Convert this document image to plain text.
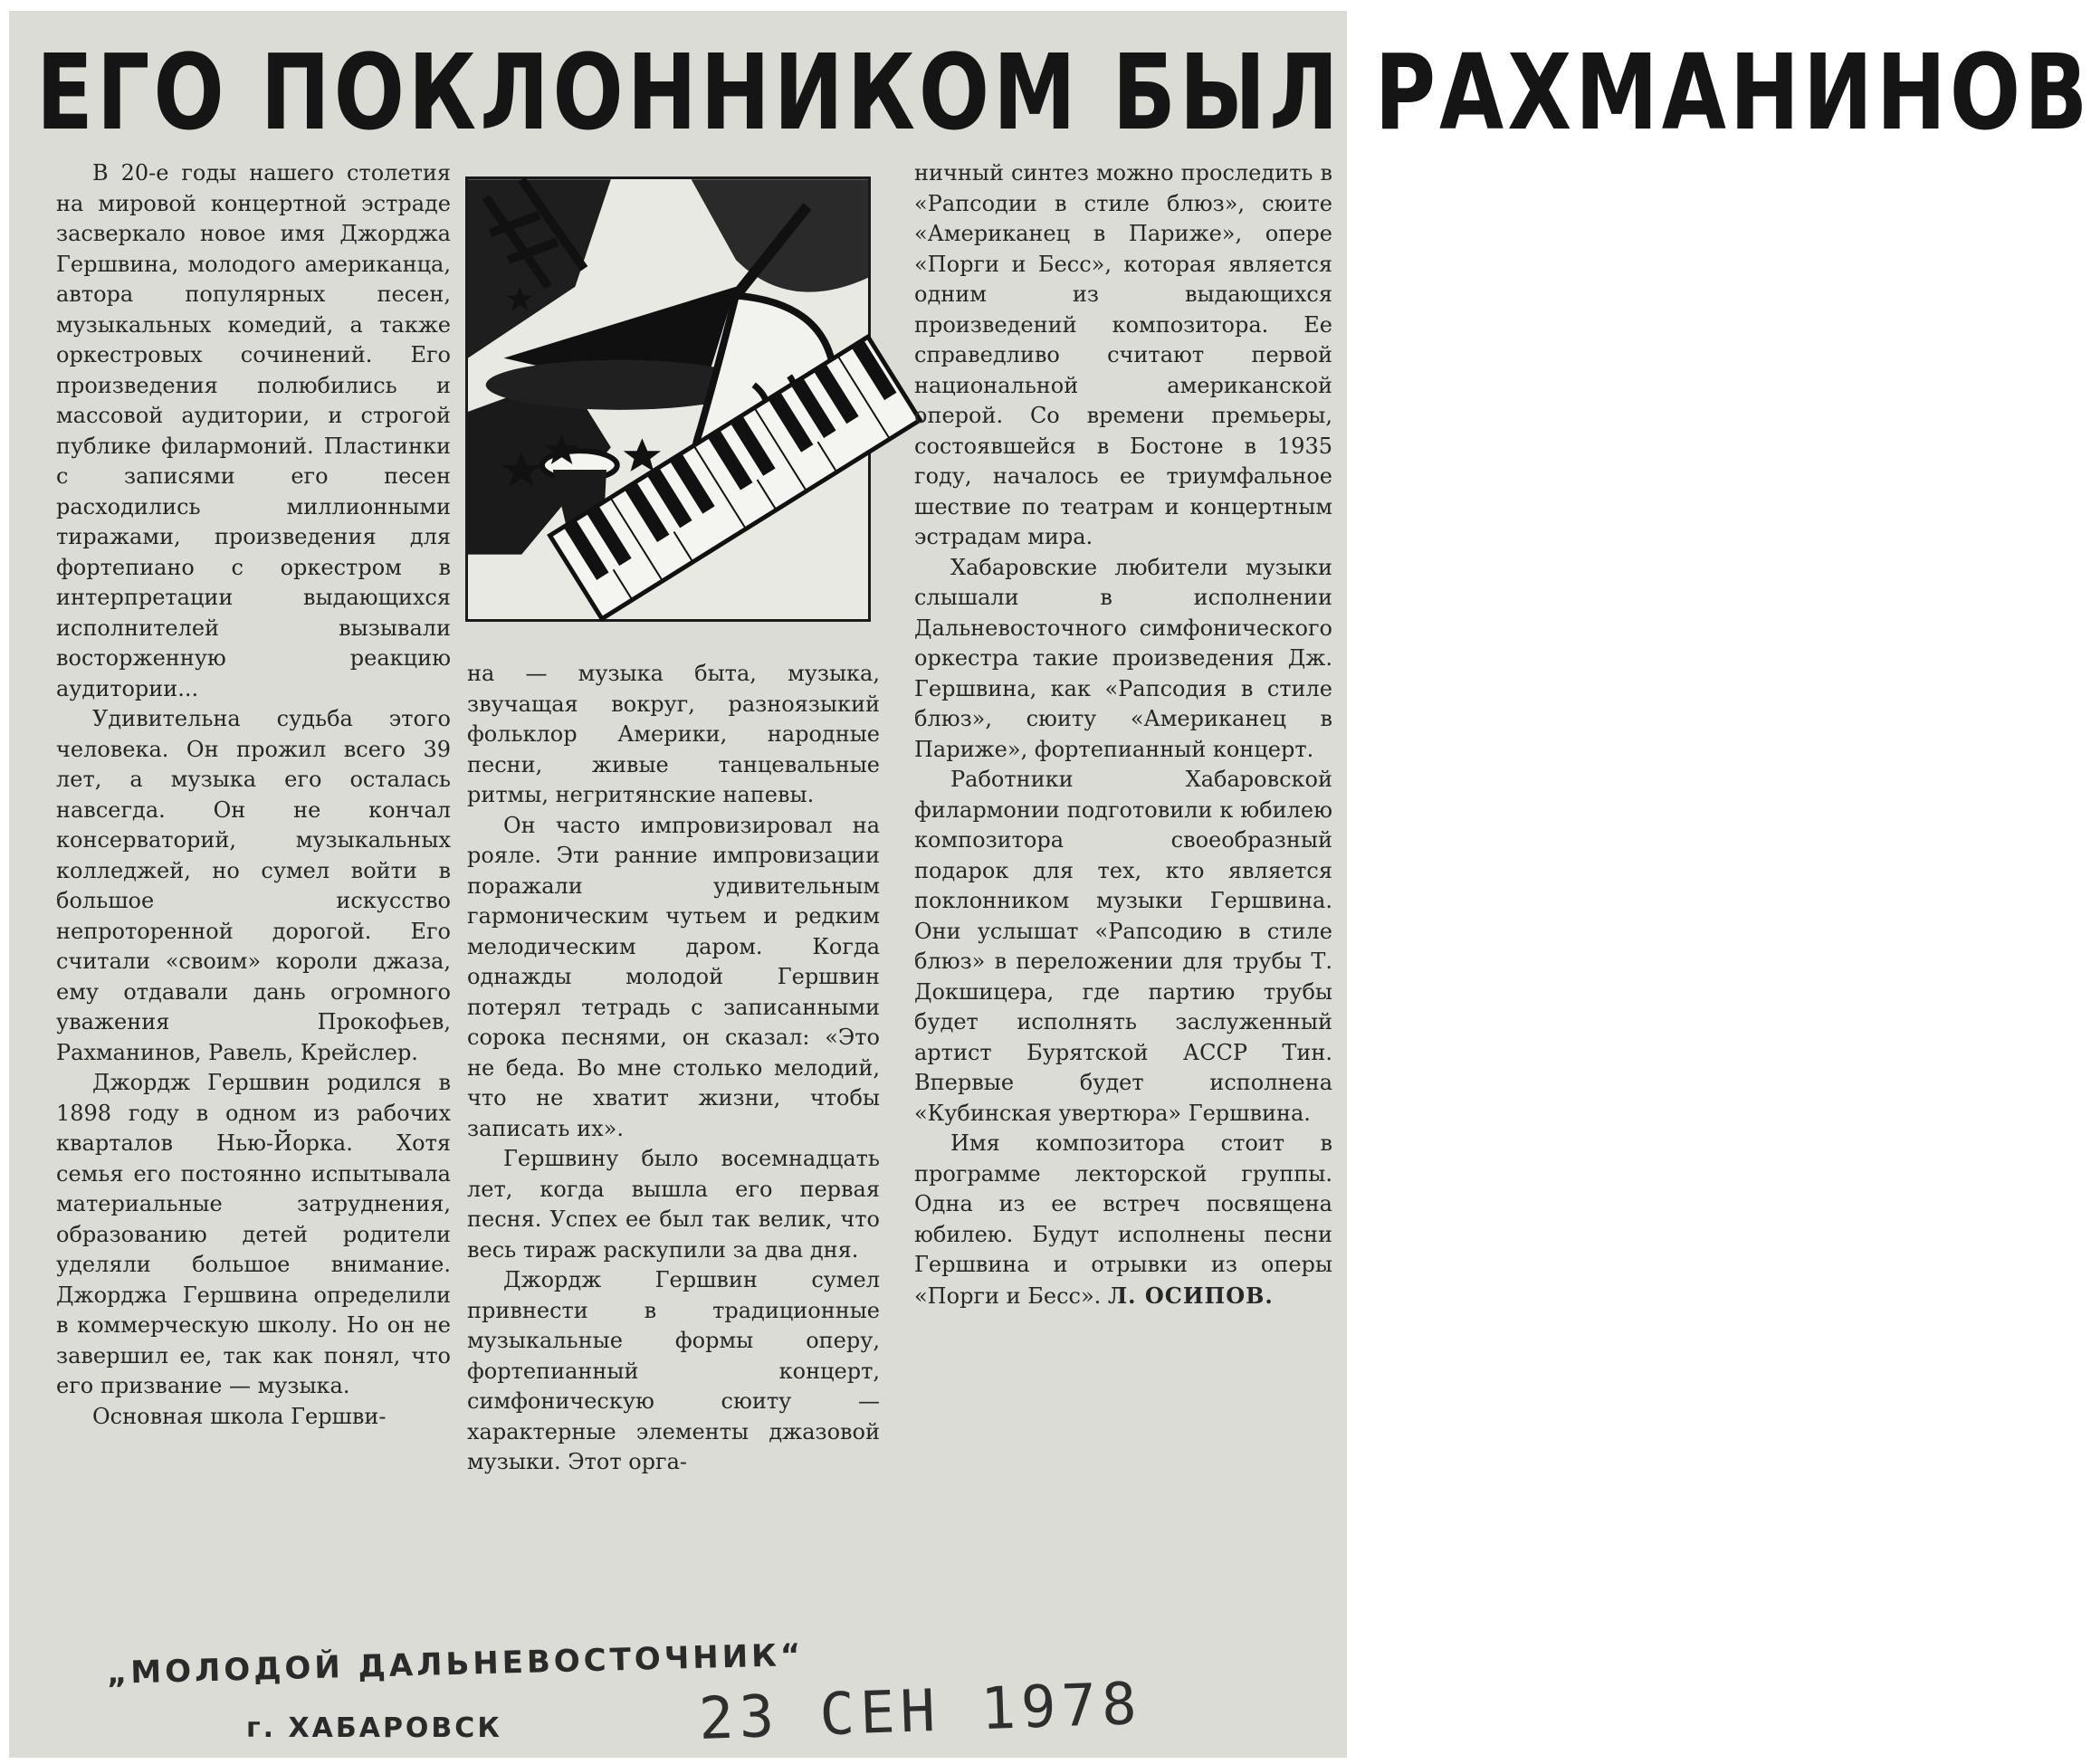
ЕГО ПОКЛОННИКОМ БЫЛ РАХМАНИНОВ

В 20-е годы нашего столетия на мировой концертной эстраде засверкало новое имя Джорджа Гершвина, молодого американца, автора популярных песен, музыкальных комедий, а также оркестровых сочинений. Его произведения полюбились и массовой аудитории, и строгой публике филармоний. Пластинки с записями его песен расходились миллионными тиражами, произведения для фортепиано с оркестром в интерпретации выдающихся исполнителей вызывали восторженную реакцию аудитории...

Удивительна судьба этого человека. Он прожил всего 39 лет, а музыка его осталась навсегда. Он не кончал консерваторий, музыкальных колледжей, но сумел войти в большое искусство непроторенной дорогой. Его считали «своим» короли джаза, ему отдавали дань огромного уважения Прокофьев, Рахманинов, Равель, Крейслер.

Джордж Гершвин родился в 1898 году в одном из рабочих кварталов Нью-Йорка. Хотя семья его постоянно испытывала материальные затруднения, образованию детей родители уделяли большое внимание. Джорджа Гершвина определили в коммерческую школу. Но он не завершил ее, так как понял, что его призвание — музыка.

Основная школа Гершви-

на — музыка быта, музыка, звучащая вокруг, разноязыкий фольклор Америки, народные песни, живые танцевальные ритмы, негритянские напевы.

Он часто импровизировал на рояле. Эти ранние импровизации поражали удивительным гармоническим чутьем и редким мелодическим даром. Когда однажды молодой Гершвин потерял тетрадь с записанными сорока песнями, он сказал: «Это не беда. Во мне столько мелодий, что не хватит жизни, чтобы записать их».

Гершвину было восемнадцать лет, когда вышла его первая песня. Успех ее был так велик, что весь тираж раскупили за два дня.

Джордж Гершвин сумел привнести в традиционные музыкальные формы оперу, фортепианный концерт, симфоническую сюиту — характерные элементы джазовой музыки. Этот орга-

ничный синтез можно проследить в «Рапсодии в стиле блюз», сюите «Американец в Париже», опере «Порги и Бесс», которая является одним из выдающихся произведений композитора. Ее справедливо считают первой национальной американской оперой. Со времени премьеры, состоявшейся в Бостоне в 1935 году, началось ее триумфальное шествие по театрам и концертным эстрадам мира.

Хабаровские любители музыки слышали в исполнении Дальневосточного симфонического оркестра такие произведения Дж. Гершвина, как «Рапсодия в стиле блюз», сюиту «Американец в Париже», фортепианный концерт.

Работники Хабаровской филармонии подготовили к юбилею композитора своеобразный подарок для тех, кто является поклонником музыки Гершвина. Они услышат «Рапсодию в стиле блюз» в переложении для трубы Т. Докшицера, где партию трубы будет исполнять заслуженный артист Бурятской АССР Тин. Впервые будет исполнена «Кубинская увертюра» Гершвина.

Имя композитора стоит в программе лекторской группы. Одна из ее встреч посвящена юбилею. Будут исполнены песни Гершвина и отрывки из оперы «Порги и Бесс». Л. ОСИПОВ.

„МОЛОДОЙ ДАЛЬНЕВОСТОЧНИК“

г. ХАБАРОВСК	23 СЕН 1978
